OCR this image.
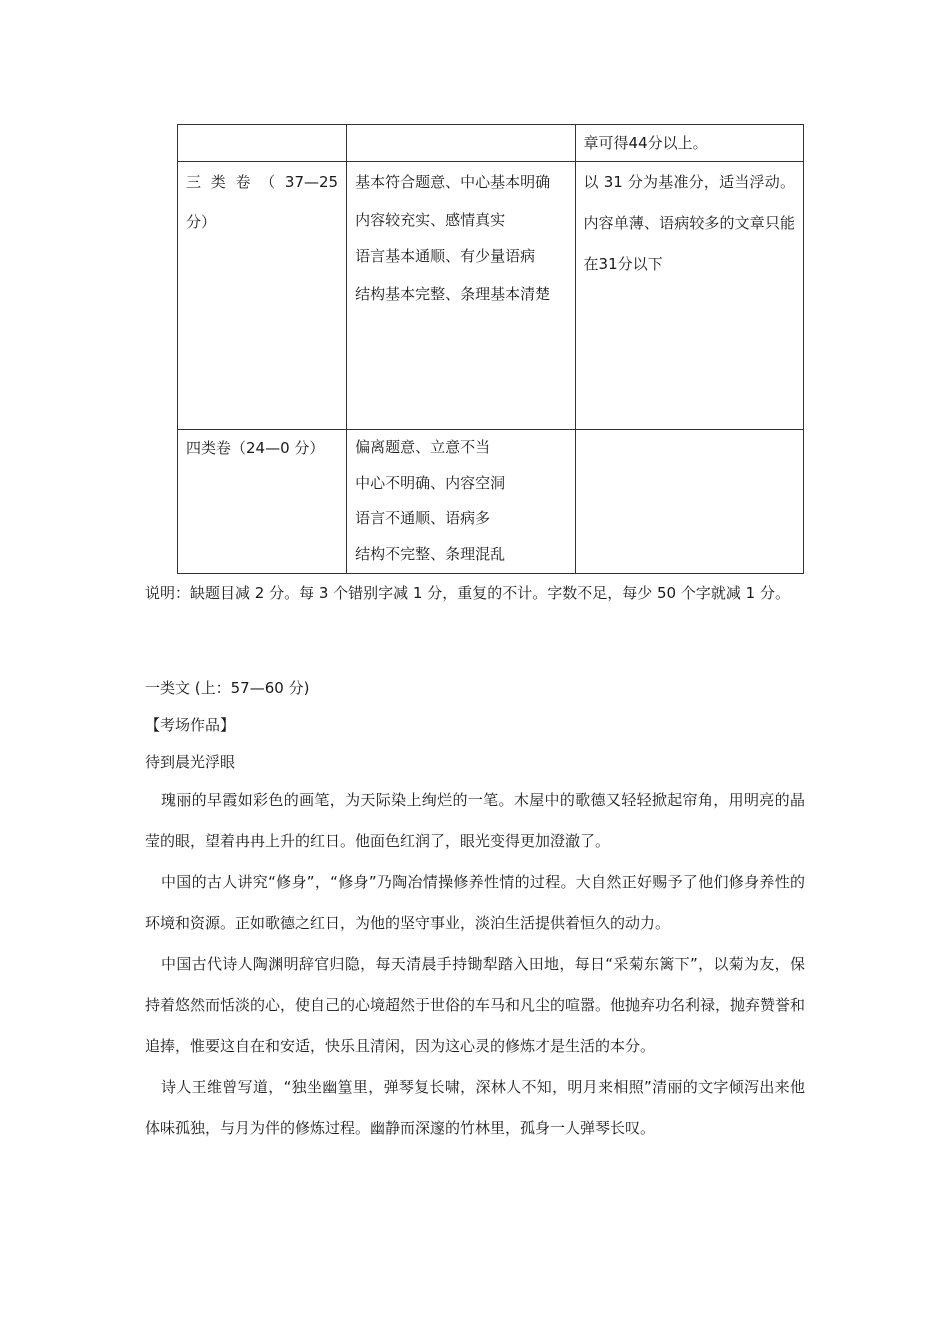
		章可得44分以上。
三 类 卷 （ 37—25 分）	基本符合题意、中心基本明确
内容较充实、感情真实
语言基本通顺、有少量语病
结构基本完整、条理基本清楚	以 31 分为基准分，适当浮动。内容单薄、语病较多的文章只能在31分以下
四类卷（24—0 分）	偏离题意、立意不当
中心不明确、内容空洞
语言不通顺、语病多
结构不完整、条理混乱	

说明：缺题目减 2 分。每 3 个错别字减 1 分，重复的不计。字数不足，每少 50 个字就减 1 分。
一类文 (上：57—60 分)
【考场作品】
待到晨光浮眼

瑰丽的早霞如彩色的画笔，为天际染上绚烂的一笔。木屋中的歌德又轻轻掀起帘角，用明亮的晶莹的眼，望着冉冉上升的红日。他面色红润了，眼光变得更加澄澈了。

中国的古人讲究“修身”，“修身”乃陶冶情操修养性情的过程。大自然正好赐予了他们修身养性的环境和资源。正如歌德之红日，为他的坚守事业，淡泊生活提供着恒久的动力。

中国古代诗人陶渊明辞官归隐，每天清晨手持锄犁踏入田地，每日“采菊东篱下”，以菊为友，保持着悠然而恬淡的心，使自己的心境超然于世俗的车马和凡尘的喧嚣。他抛弃功名利禄，抛弃赞誉和追捧，惟要这自在和安适，快乐且清闲，因为这心灵的修炼才是生活的本分。

诗人王维曾写道，“独坐幽篁里，弹琴复长啸，深林人不知，明月来相照”清丽的文字倾泻出来他体味孤独，与月为伴的修炼过程。幽静而深邃的竹林里，孤身一人弹琴长叹。
